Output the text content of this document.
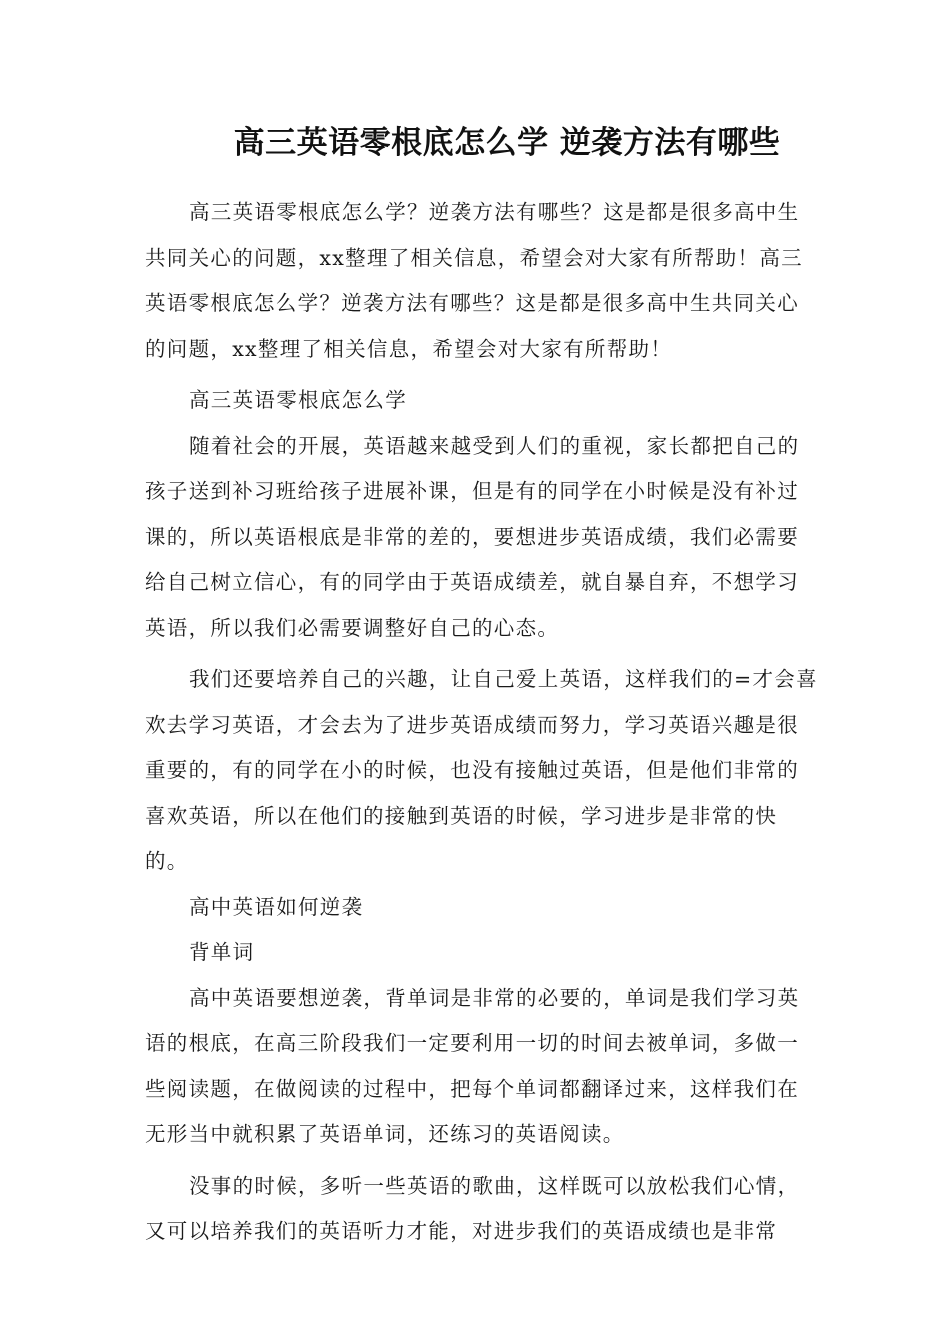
高三英语零根底怎么学 逆袭方法有哪些

高三英语零根底怎么学？逆袭方法有哪些？这是都是很多高中生共同关心的问题，xx整理了相关信息，希望会对大家有所帮助！高三英语零根底怎么学？逆袭方法有哪些？这是都是很多高中生共同关心的问题，xx整理了相关信息，希望会对大家有所帮助！

高三英语零根底怎么学

随着社会的开展，英语越来越受到人们的重视，家长都把自己的孩子送到补习班给孩子进展补课，但是有的同学在小时候是没有补过课的，所以英语根底是非常的差的，要想进步英语成绩，我们必需要给自己树立信心，有的同学由于英语成绩差，就自暴自弃，不想学习英语，所以我们必需要调整好自己的心态。

我们还要培养自己的兴趣，让自己爱上英语，这样我们的=才会喜欢去学习英语，才会去为了进步英语成绩而努力，学习英语兴趣是很重要的，有的同学在小的时候，也没有接触过英语，但是他们非常的喜欢英语，所以在他们的接触到英语的时候，学习进步是非常的快的。

高中英语如何逆袭

背单词

高中英语要想逆袭，背单词是非常的必要的，单词是我们学习英语的根底，在高三阶段我们一定要利用一切的时间去被单词，多做一些阅读题，在做阅读的过程中，把每个单词都翻译过来，这样我们在无形当中就积累了英语单词，还练习的英语阅读。

没事的时候，多听一些英语的歌曲，这样既可以放松我们心情，又可以培养我们的英语听力才能，对进步我们的英语成绩也是非常
